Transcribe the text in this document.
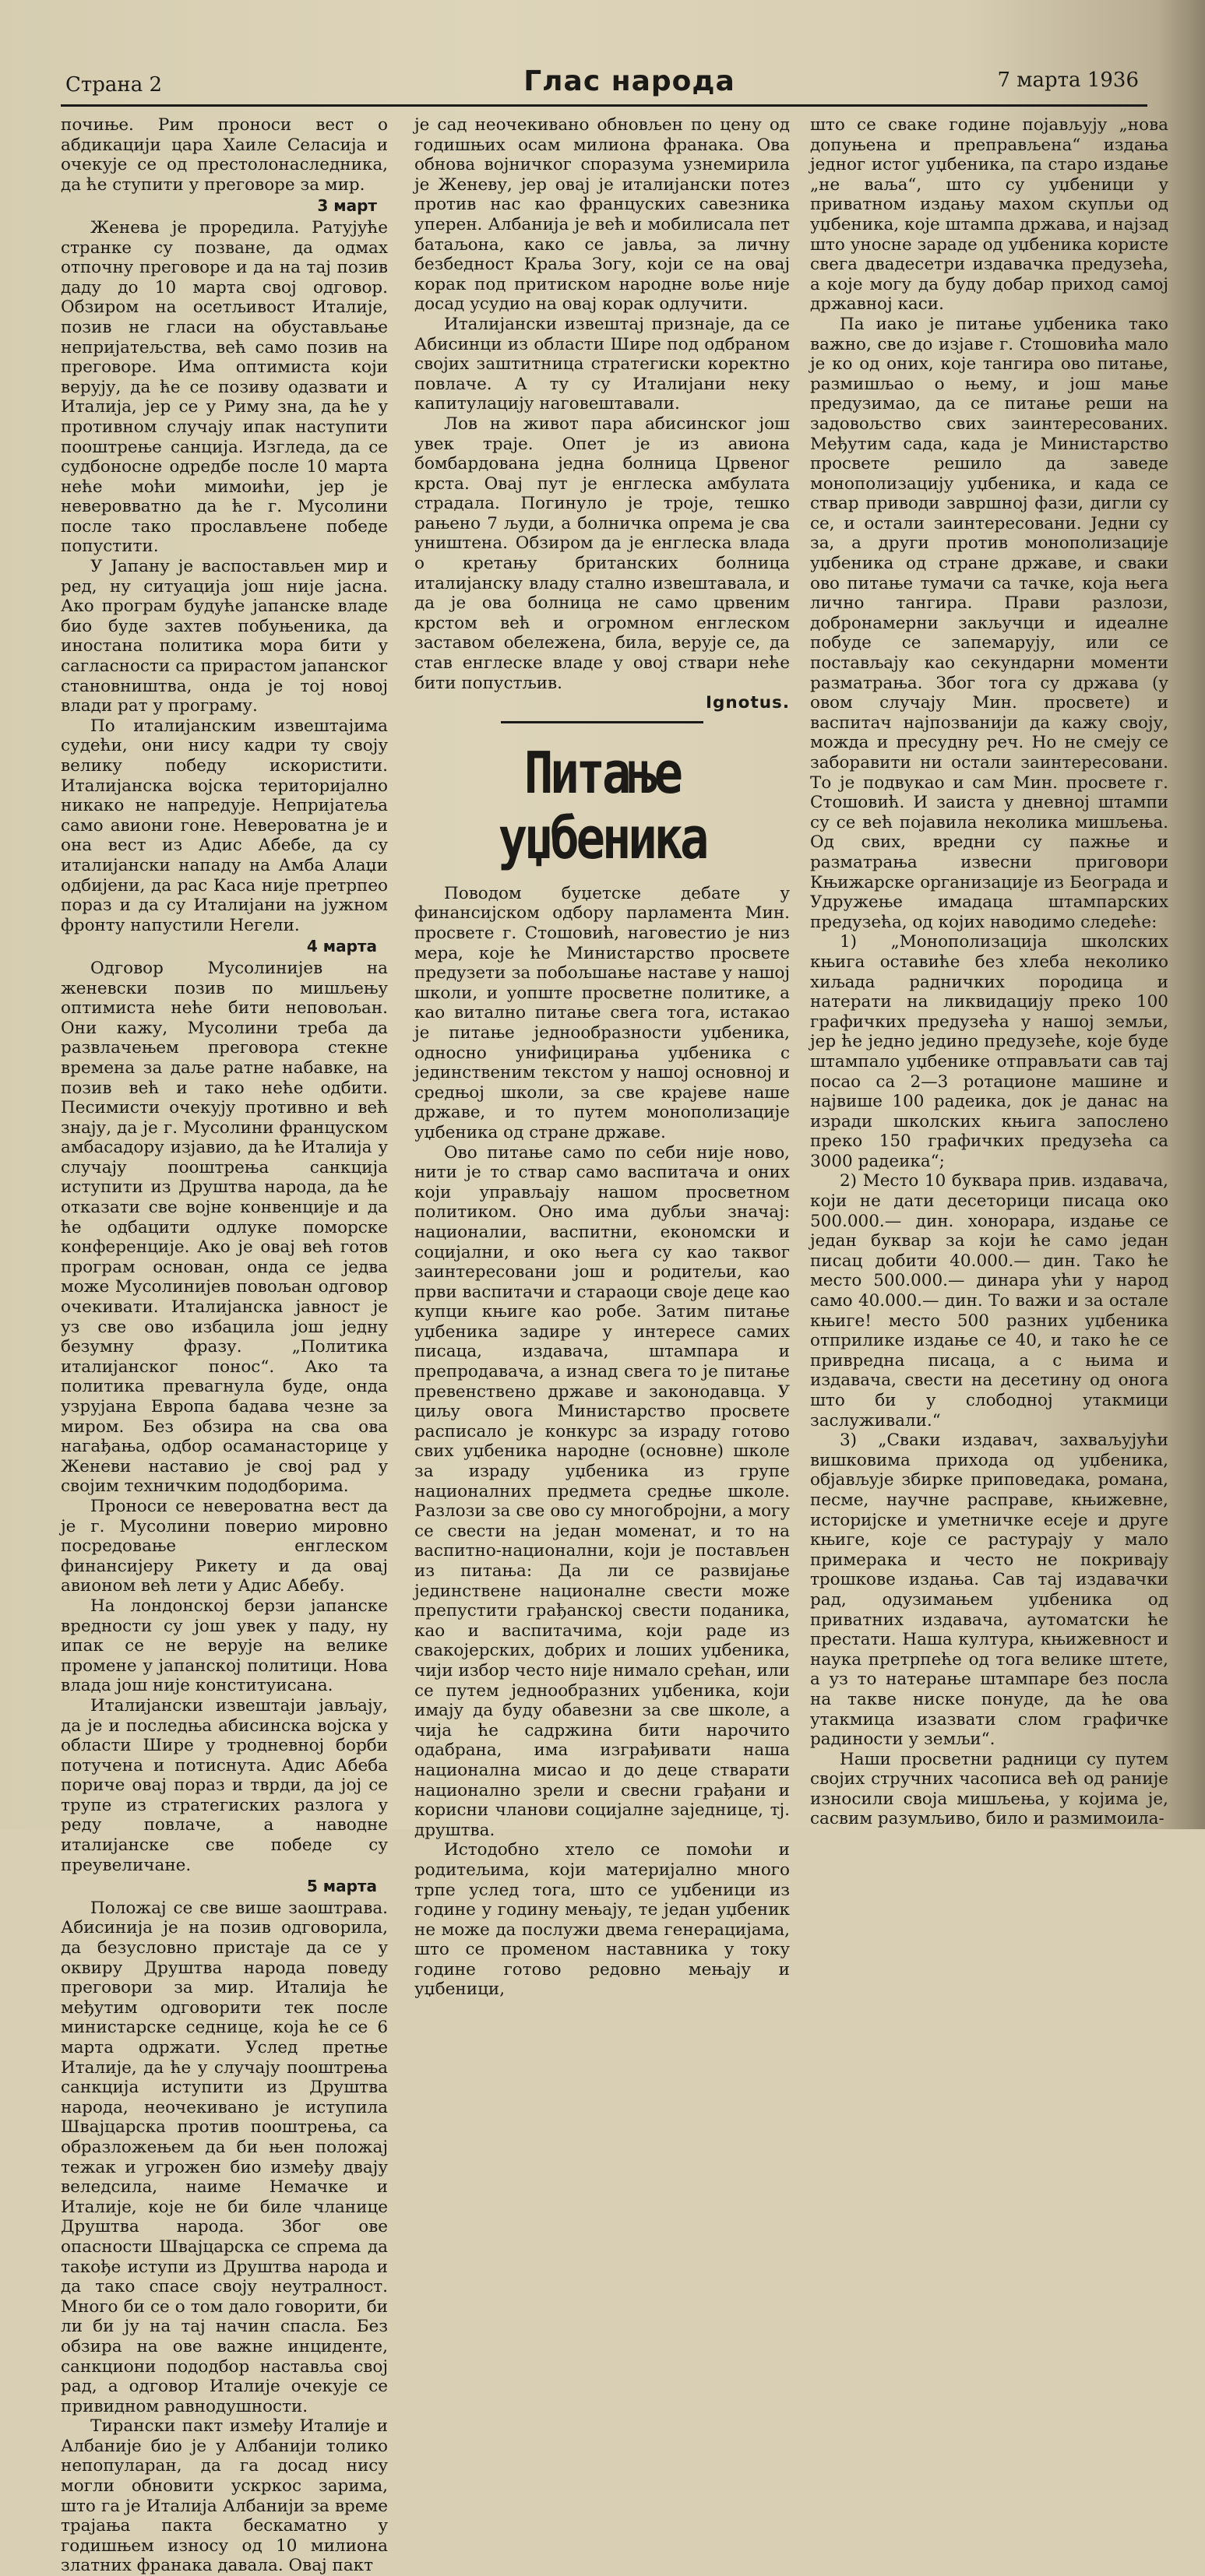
Страна 2	Глас народа	7 марта 1936

почиње. Рим проноси вест о абдикацији цара Хаиле Селасија и очекује се од престолонаследника, да ће ступити у преговоре за мир.

3 март

Женева је проредила. Ратујуће странке су позване, да одмах отпочну преговоре и да на тај позив даду до 10 марта свој одговор. Обзиром на осетљивост Италије, позив не гласи на обустављање непријатељства, већ само позив на преговоре. Има оптимиста који верују, да ће се позиву одазвати и Италија, јер се у Риму зна, да ће у противном случају ипак наступити пооштрење санција. Изгледа, да се судбоносне одредбе после 10 марта неће моћи мимоићи, јер је неверовватно да ће г. Мусолини после тако прослављене победе попустити.

У Јапану је васпостављен мир и ред, ну ситуација још није јасна. Ако програм будуће јапанске владе био буде захтев побуњеника, да иностана политика мора бити у сагласности са прирастом јапанског становништва, онда је тој новој влади рат у програму.

По италијанским извештајима судећи, они нису кадри ту своју велику победу искористити. Италијанска војска територијално никако не напредује. Непријатеља само авиони гоне. Невероватна је и она вест из Адис Абебе, да су италијански нападу на Амба Алаџи одбијени, да рас Каса није претрпео пораз и да су Италијани на јужном фронту напустили Негели.

4 марта

Одговор Мусолинијев на женевски позив по мишљењу оптимиста неће бити неповољан. Они кажу, Мусолини треба да развлачењем преговора стекне времена за даље ратне набавке, на позив већ и тако неће одбити. Песимисти очекују противно и већ знају, да је г. Мусолини француском амбасадору изјавио, да ће Италија у случају пооштрења санкција иступити из Друштва народа, да ће отказати све војне конвенције и да ће одбацити одлуке поморске конференције. Ако је овај већ готов програм основан, онда се једва може Мусолинијев повољан одговор очекивати. Италијанска јавност је уз све ово избацила још једну безумну фразу. „Политика италијанског понос“. Ако та политика превагнула буде, онда узрујана Европа бадава чезне за миром. Без обзира на сва ова нагађања, одбор осаманасторице у Женеви наставио је свој рад у својим техничким пододборима.

Проноси се невероватна вест да је г. Мусолини поверио мировно посредовање енглеском финансијеру Рикету и да овај авионом већ лети у Адис Абебу.

На лондонској берзи јапанске вредности су још увек у паду, ну ипак се не верује на велике промене у јапанској политици. Нова влада још није конституисана.

Италијански извештаји јављају, да је и последња абисинска војска у области Шире у тродневној борби потучена и потиснута. Адис Абеба пориче овај пораз и тврди, да јој се трупе из стратегиских разлога у реду повлаче, а наводне италијанске све победе су преувеличане.

5 марта

Положај се све више заоштрава. Абисинија је на позив одговорила, да безусловно пристаје да се у оквиру Друштва народа поведу преговори за мир. Италија ће међутим одговорити тек после министарске седнице, која ће се 6 марта одржати. Услед претње Италије, да ће у случају пооштрења санкција иступити из Друштва народа, неочекивано је иступила Швајцарска против пооштрења, са образложењем да би њен положај тежак и угрожен био између двају веледсила, наиме Немачке и Италије, које не би биле чланице Друштва народа. Због ове опасности Швајцарска се спрема да такође иступи из Друштва народа и да тако спасе своју неутралност. Много би се о том дало говорити, би ли би ју на тај начин спасла. Без обзира на ове важне инциденте, санкциони пододбор наставља свој рад, а одговор Италије очекује се привидном равнодушности.

Тирански пакт између Италије и Албаније био је у Албанији толико непопуларан, да га досад нису могли обновити ускркос зарима, што га је Италија Албанији за време трајања пакта бескаматно у годишњем износу од 10 милиона златних франака давала. Овај пакт

је сад неочекивано обновљен по цену од годишњих осам милиона франака. Ова обнова војничког споразума узнемирила је Женеву, јер овај је италијански потез против нас као француских савезника уперен. Албанија је већ и мобилисала пет батаљона, како се јавља, за личну безбедност Краља Зогу, који се на овај корак под притиском народне воље није досад усудио на овај корак одлучити.

Италијански извештај признаје, да се Абисинци из области Шире под одбраном својих заштитница стратегиски коректно повлаче. А ту су Италијани неку капитулацију наговештавали.

Лов на живот пара абисинског још увек траје. Опет је из авиона бомбардована једна болница Црвеног крста. Овај пут је енглеска амбулата страдала. Погинуло је троје, тешко рањено 7 људи, а болничка опрема је сва уништена. Обзиром да је енглеска влада о кретању британских болница италијанску владу стално извештавала, и да је ова болница не само црвеним крстом већ и огромном енглеском заставом обележена, била, верује се, да став енглеске владе у овој ствари неће бити попустљив.

Ignotus.
Питање уџбеника

Поводом буџетске дебате у финансијском одбору парламента Мин. просвете г. Стошовић, наговестио је низ мера, које ће Министарство просвете предузети за побољшање наставе у нашој школи, и уопште просветне политике, а као витално питање свега тога, истакао је питање једнообразности уџбеника, односно унифицирања уџбеника с јединственим текстом у нашој основној и средњој школи, за све крајеве наше државе, и то путем монополизације уџбеника од стране државе.

Ово питање само по себи није ново, нити је то ствар само васпитача и оних који управљају нашом просветном политиком. Оно има дубљи значај: националии, васпитни, економски и социјални, и око њега су као таквог заинтересовани још и родитељи, као први васпитачи и стараоци своје деце као купци књиге као робе. Затим питање уџбеника задире у интересе самих писаца, издавача, штампара и препродавача, а изнад свега то је питање превенствено државе и законодавца. У циљу овога Министарство просвете расписало је конкурс за израду готово свих уџбеника народне (основне) школе за израду уџбеника из групе националних предмета средње школе. Разлози за све ово су многобројни, а могу се свести на један моменат, и то на васпитно-национални, који је постављен из питања: Да ли се развијање јединствене националне свести може препустити грађанској свести поданика, као и васпитачима, који раде из свакојерских, добрих и лоших уџбеника, чији избор често није нимало срећан, или се путем једнообразних уџбеника, који имају да буду обавезни за све школе, а чија ће садржина бити нарочито одабрана, има изграђивати наша национална мисао и до деце стварати национално зрели и свесни грађани и корисни чланови социјалне заједнице, тј. друштва.

Истодобно хтело се помоћи и родитељима, који материјално много трпе услед тога, што се уџбеници из године у годину мењају, те један уџбеник не може да послужи двема генерацијама, што се променом наставника у току године готово редовно мењају и уџбеници,

што се сваке године појављују „нова допуњена и преправљена“ издања једног истог уџбеника, па старо издање „не ваља“, што су уџбеници у приватном издању махом скупљи од уџбеника, које штампа држава, и најзад што уносне зараде од уџбеника користе свега двадесетри издавачка предузећа, а које могу да буду добар приход самој државној каси.

Па иако је питање уџбеника тако важно, све до изјаве г. Стошовића мало је ко од оних, које тангира ово питање, размишљао о њему, и још мање предузимао, да се питање реши на задовољство свих заинтересованих. Међутим сада, када је Министарство просвете решило да заведе монополизацију уџбеника, и када се ствар приводи завршној фази, дигли су се, и остали заинтересовани. Једни су за, а други против монополизације уџбеника од стране државе, и сваки ово питање тумачи са тачке, која њега лично тангира. Прави разлози, добронамерни закључци и идеалне побуде се запемарују, или се постављају као секундарни моменти разматрања. Због тога су држава (у овом случају Мин. просвете) и васпитач најпозванији да кажу своју, можда и пресудну реч. Но не смеју се заборавити ни остали заинтересовани. То је подвукао и сам Мин. просвете г. Стошовић. И заиста у дневној штампи су се већ појавила неколика мишљења. Од свих, вредни су пажње и разматрања извесни приговори Књижарске организације из Београда и Удружење имадаца штампарских предузећа, од којих наводимо следеће:

1) „Монополизација школских књига оставиће без хлеба неколико хиљада радничких породица и натерати на ликвидацију преко 100 графичких предузећа у нашој земљи, јер ће једно једино предузеће, које буде штампало уџбенике отправљати сав тај посао са 2—3 ротационе машине и највише 100 радеика, док је данас на изради школских књига запослено преко 150 графичких предузећа са 3000 радеика“;

2) Место 10 буквара прив. издавача, који не дати десеторици писаца око 500.000.— дин. хонорара, издање се један буквар за који ће само један писац добити 40.000.— дин. Тако ће место 500.000.— динара ући у народ само 40.000.— дин. То важи и за остале књиге! место 500 разних уџбеника отприлике издање се 40, и тако ће се привредна писаца, а с њима и издавача, свести на десетину од онога што би у слободној утакмици заслуживали.“

3) „Сваки издавач, захваљујући вишковима прихода од уџбеника, објављује збирке приповедака, романа, песме, научне расправе, књижевне, историјске и уметничке есеје и друге књиге, које се растурају у мало примерака и често не покривају трошкове издања. Сав тај издавачки рад, одузимањем уџбеника од приватних издавача, аутоматски ће престати. Наша култура, књижевност и наука претрпеће од тога велике штете, а уз то натерање штампаре без посла на такве ниске понуде, да ће ова утакмица изазвати слом графичке радиности у земљи“.

Наши просветни радници су путем својих стручних часописа већ од раније износили своја мишљења, у којима је, сасвим разумљиво, било и размимоила-
